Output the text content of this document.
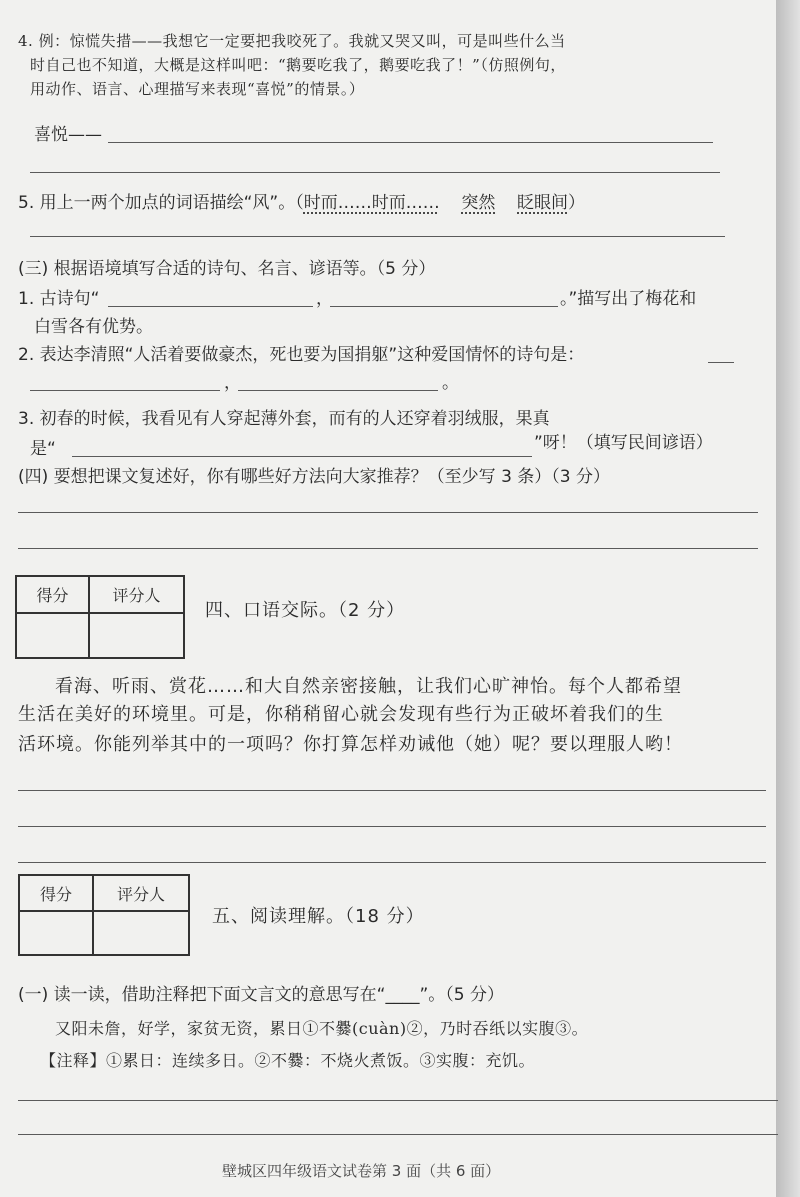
4. 例：惊慌失措——我想它一定要把我咬死了。我就又哭又叫，可是叫些什么当
时自己也不知道，大概是这样叫吧：“鹅要吃我了，鹅要吃我了！”（仿照例句，
用动作、语言、心理描写来表现“喜悦”的情景。）
喜悦——
5. 用上一两个加点的词语描绘“风”。（时而……时而…… 突然 眨眼间）
(三) 根据语境填写合适的诗句、名言、谚语等。（5 分）
1. 古诗句“	，	。”描写出了梅花和
白雪各有优势。
2. 表达李清照“人活着要做豪杰，死也要为国捐躯”这种爱国情怀的诗句是：
，	。
3. 初春的时候，我看见有人穿起薄外套，而有的人还穿着羽绒服，果真
是“	”呀！（填写民间谚语）
(四) 要想把课文复述好，你有哪些好方法向大家推荐？（至少写 3 条）（3 分）
得分	评分人
四、口语交际。（2 分）
看海、听雨、赏花……和大自然亲密接触，让我们心旷神怡。每个人都希望
生活在美好的环境里。可是，你稍稍留心就会发现有些行为正破坏着我们的生
活环境。你能列举其中的一项吗？你打算怎样劝诫他（她）呢？要以理服人哟！
得分	评分人
五、阅读理解。（18 分）
(一) 读一读，借助注释把下面文言文的意思写在“____”。（5 分）
又阳未詹，好学，家贫无资，累日①不爨(cuàn)②，乃时吞纸以实腹③。
【注释】①累日：连续多日。②不爨：不烧火煮饭。③实腹：充饥。
壁城区四年级语文试卷第 3 面（共 6 面）
